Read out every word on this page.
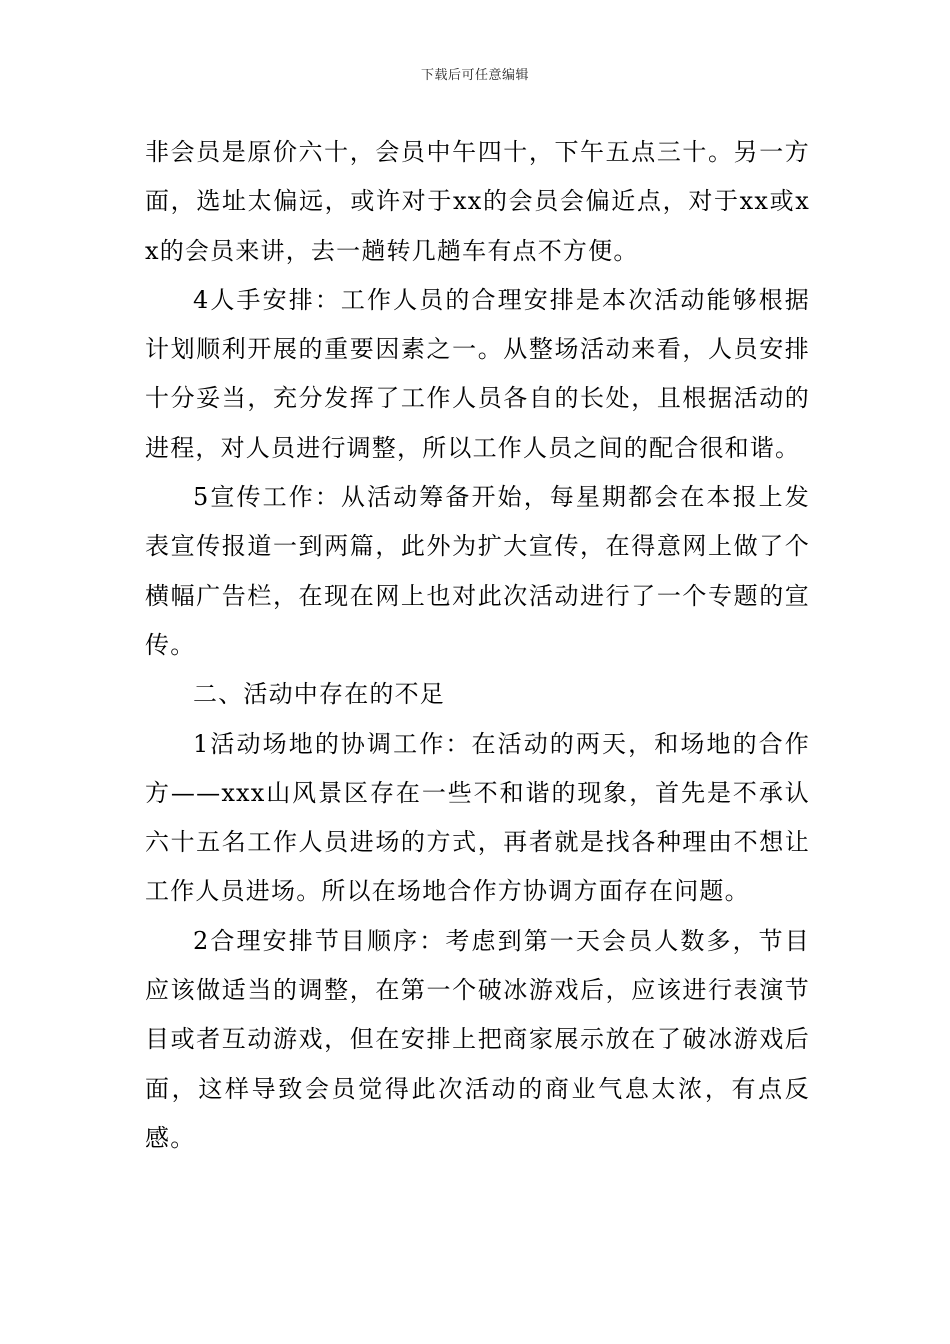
下载后可任意编辑

非会员是原价六十，会员中午四十，下午五点三十。另一方面，选址太偏远，或许对于xx的会员会偏近点，对于xx或xx的会员来讲，去一趟转几趟车有点不方便。

4人手安排：工作人员的合理安排是本次活动能够根据计划顺利开展的重要因素之一。从整场活动来看，人员安排十分妥当，充分发挥了工作人员各自的长处，且根据活动的进程，对人员进行调整，所以工作人员之间的配合很和谐。

5宣传工作：从活动筹备开始，每星期都会在本报上发表宣传报道一到两篇，此外为扩大宣传，在得意网上做了个横幅广告栏，在现在网上也对此次活动进行了一个专题的宣传。

二、活动中存在的不足

1活动场地的协调工作：在活动的两天，和场地的合作方——xxx山风景区存在一些不和谐的现象，首先是不承认六十五名工作人员进场的方式，再者就是找各种理由不想让工作人员进场。所以在场地合作方协调方面存在问题。

2合理安排节目顺序：考虑到第一天会员人数多，节目应该做适当的调整，在第一个破冰游戏后，应该进行表演节目或者互动游戏，但在安排上把商家展示放在了破冰游戏后面，这样导致会员觉得此次活动的商业气息太浓，有点反感。
